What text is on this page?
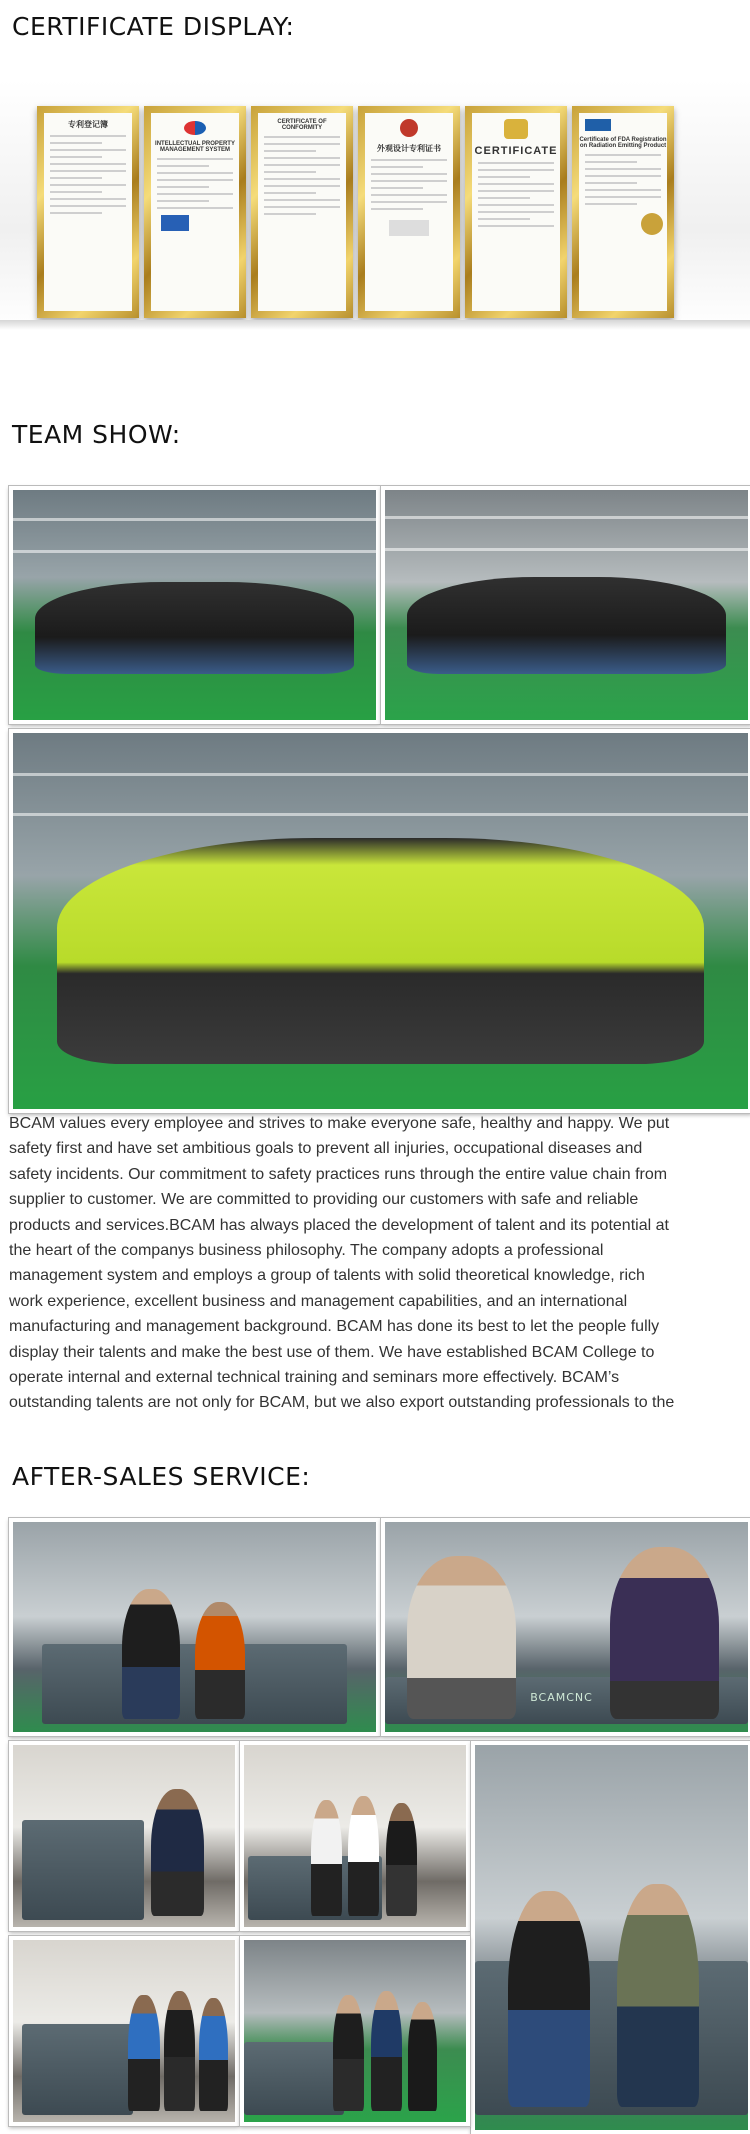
CERTIFICATE DISPLAY:
专利登记簿
INTELLECTUAL PROPERTY MANAGEMENT SYSTEM
CERTIFICATE OF CONFORMITY
外观设计专利证书	CERTIFICATE
Certificate of FDA Registration on Radiation Emitting Product
TEAM SHOW:

BCAM values every employee and strives to make everyone safe, healthy and happy. We put

safety first and have set ambitious goals to prevent all injuries, occupational diseases and

safety incidents. Our commitment to safety practices runs through the entire value chain from

supplier to customer. We are committed to providing our customers with safe and reliable

products and services.BCAM has always placed the development of talent and its potential at

the heart of the companys business philosophy. The company adopts a professional

management system and employs a group of talents with solid theoretical knowledge, rich

work experience, excellent business and management capabilities, and an international

manufacturing and management background. BCAM has done its best to let the people fully

display their talents and make the best use of them. We have established BCAM College to

operate internal and external technical training and seminars more effectively. BCAM’s

outstanding talents are not only for BCAM, but we also export outstanding professionals to the

AFTER-SALES SERVICE:
BCAMCNC
